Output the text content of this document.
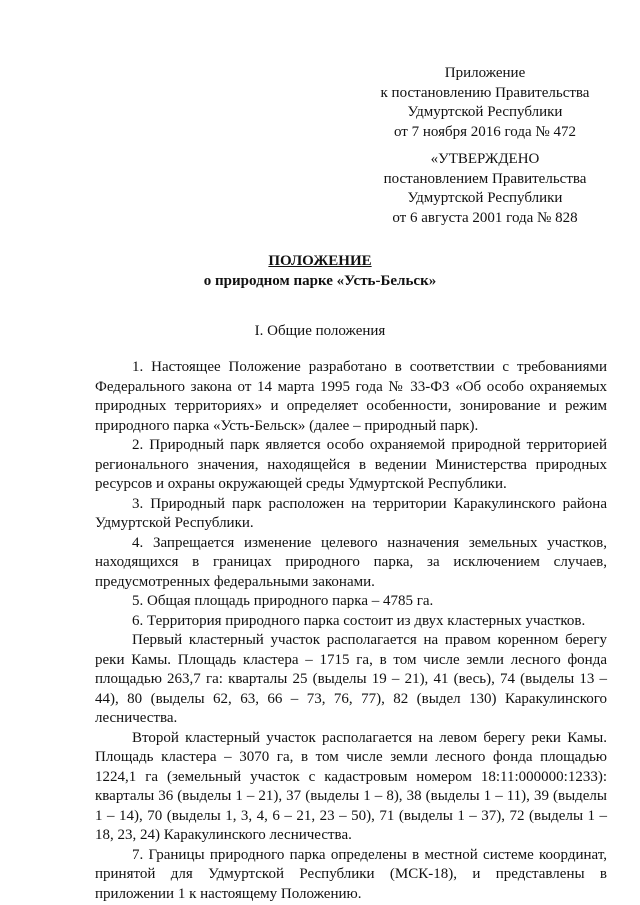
Приложение
к постановлению Правительства
Удмуртской Республики
от 7 ноября 2016 года № 472
«УТВЕРЖДЕНО
постановлением Правительства
Удмуртской Республики
от 6 августа 2001 года № 828
ПОЛОЖЕНИЕ
о природном парке «Усть-Бельск»
I. Общие положения

1. Настоящее Положение разработано в соответствии с требованиями Федерального закона от 14 марта 1995 года № 33-ФЗ «Об особо охраняемых природных территориях» и определяет особенности, зонирование и режим природного парка «Усть-Бельск» (далее – природный парк).

2. Природный парк является особо охраняемой природной территорией регионального значения, находящейся в ведении Министерства природных ресурсов и охраны окружающей среды Удмуртской Республики.

3. Природный парк расположен на территории Каракулинского района Удмуртской Республики.

4. Запрещается изменение целевого назначения земельных участков, находящихся в границах природного парка, за исключением случаев, предусмотренных федеральными законами.

5. Общая площадь природного парка – 4785 га.

6. Территория природного парка состоит из двух кластерных участков.

Первый кластерный участок располагается на правом коренном берегу реки Камы. Площадь кластера – 1715 га, в том числе земли лесного фонда площадью 263,7 га: кварталы 25 (выделы 19 – 21), 41 (весь), 74 (выделы 13 – 44), 80 (выделы 62, 63, 66 – 73, 76, 77), 82 (выдел 130) Каракулинского лесничества.

Второй кластерный участок располагается на левом берегу реки Камы. Площадь кластера – 3070 га, в том числе земли лесного фонда площадью 1224,1 га (земельный участок с кадастровым номером 18:11:000000:1233): кварталы 36 (выделы 1 – 21), 37 (выделы 1 – 8), 38 (выделы 1 – 11), 39 (выделы 1 – 14), 70 (выделы 1, 3, 4, 6 – 21, 23 – 50), 71 (выделы 1 – 37), 72 (выделы 1 – 18, 23, 24) Каракулинского лесничества.

7. Границы природного парка определены в местной системе координат, принятой для Удмуртской Республики (МСК-18), и представлены в приложении 1 к настоящему Положению.
